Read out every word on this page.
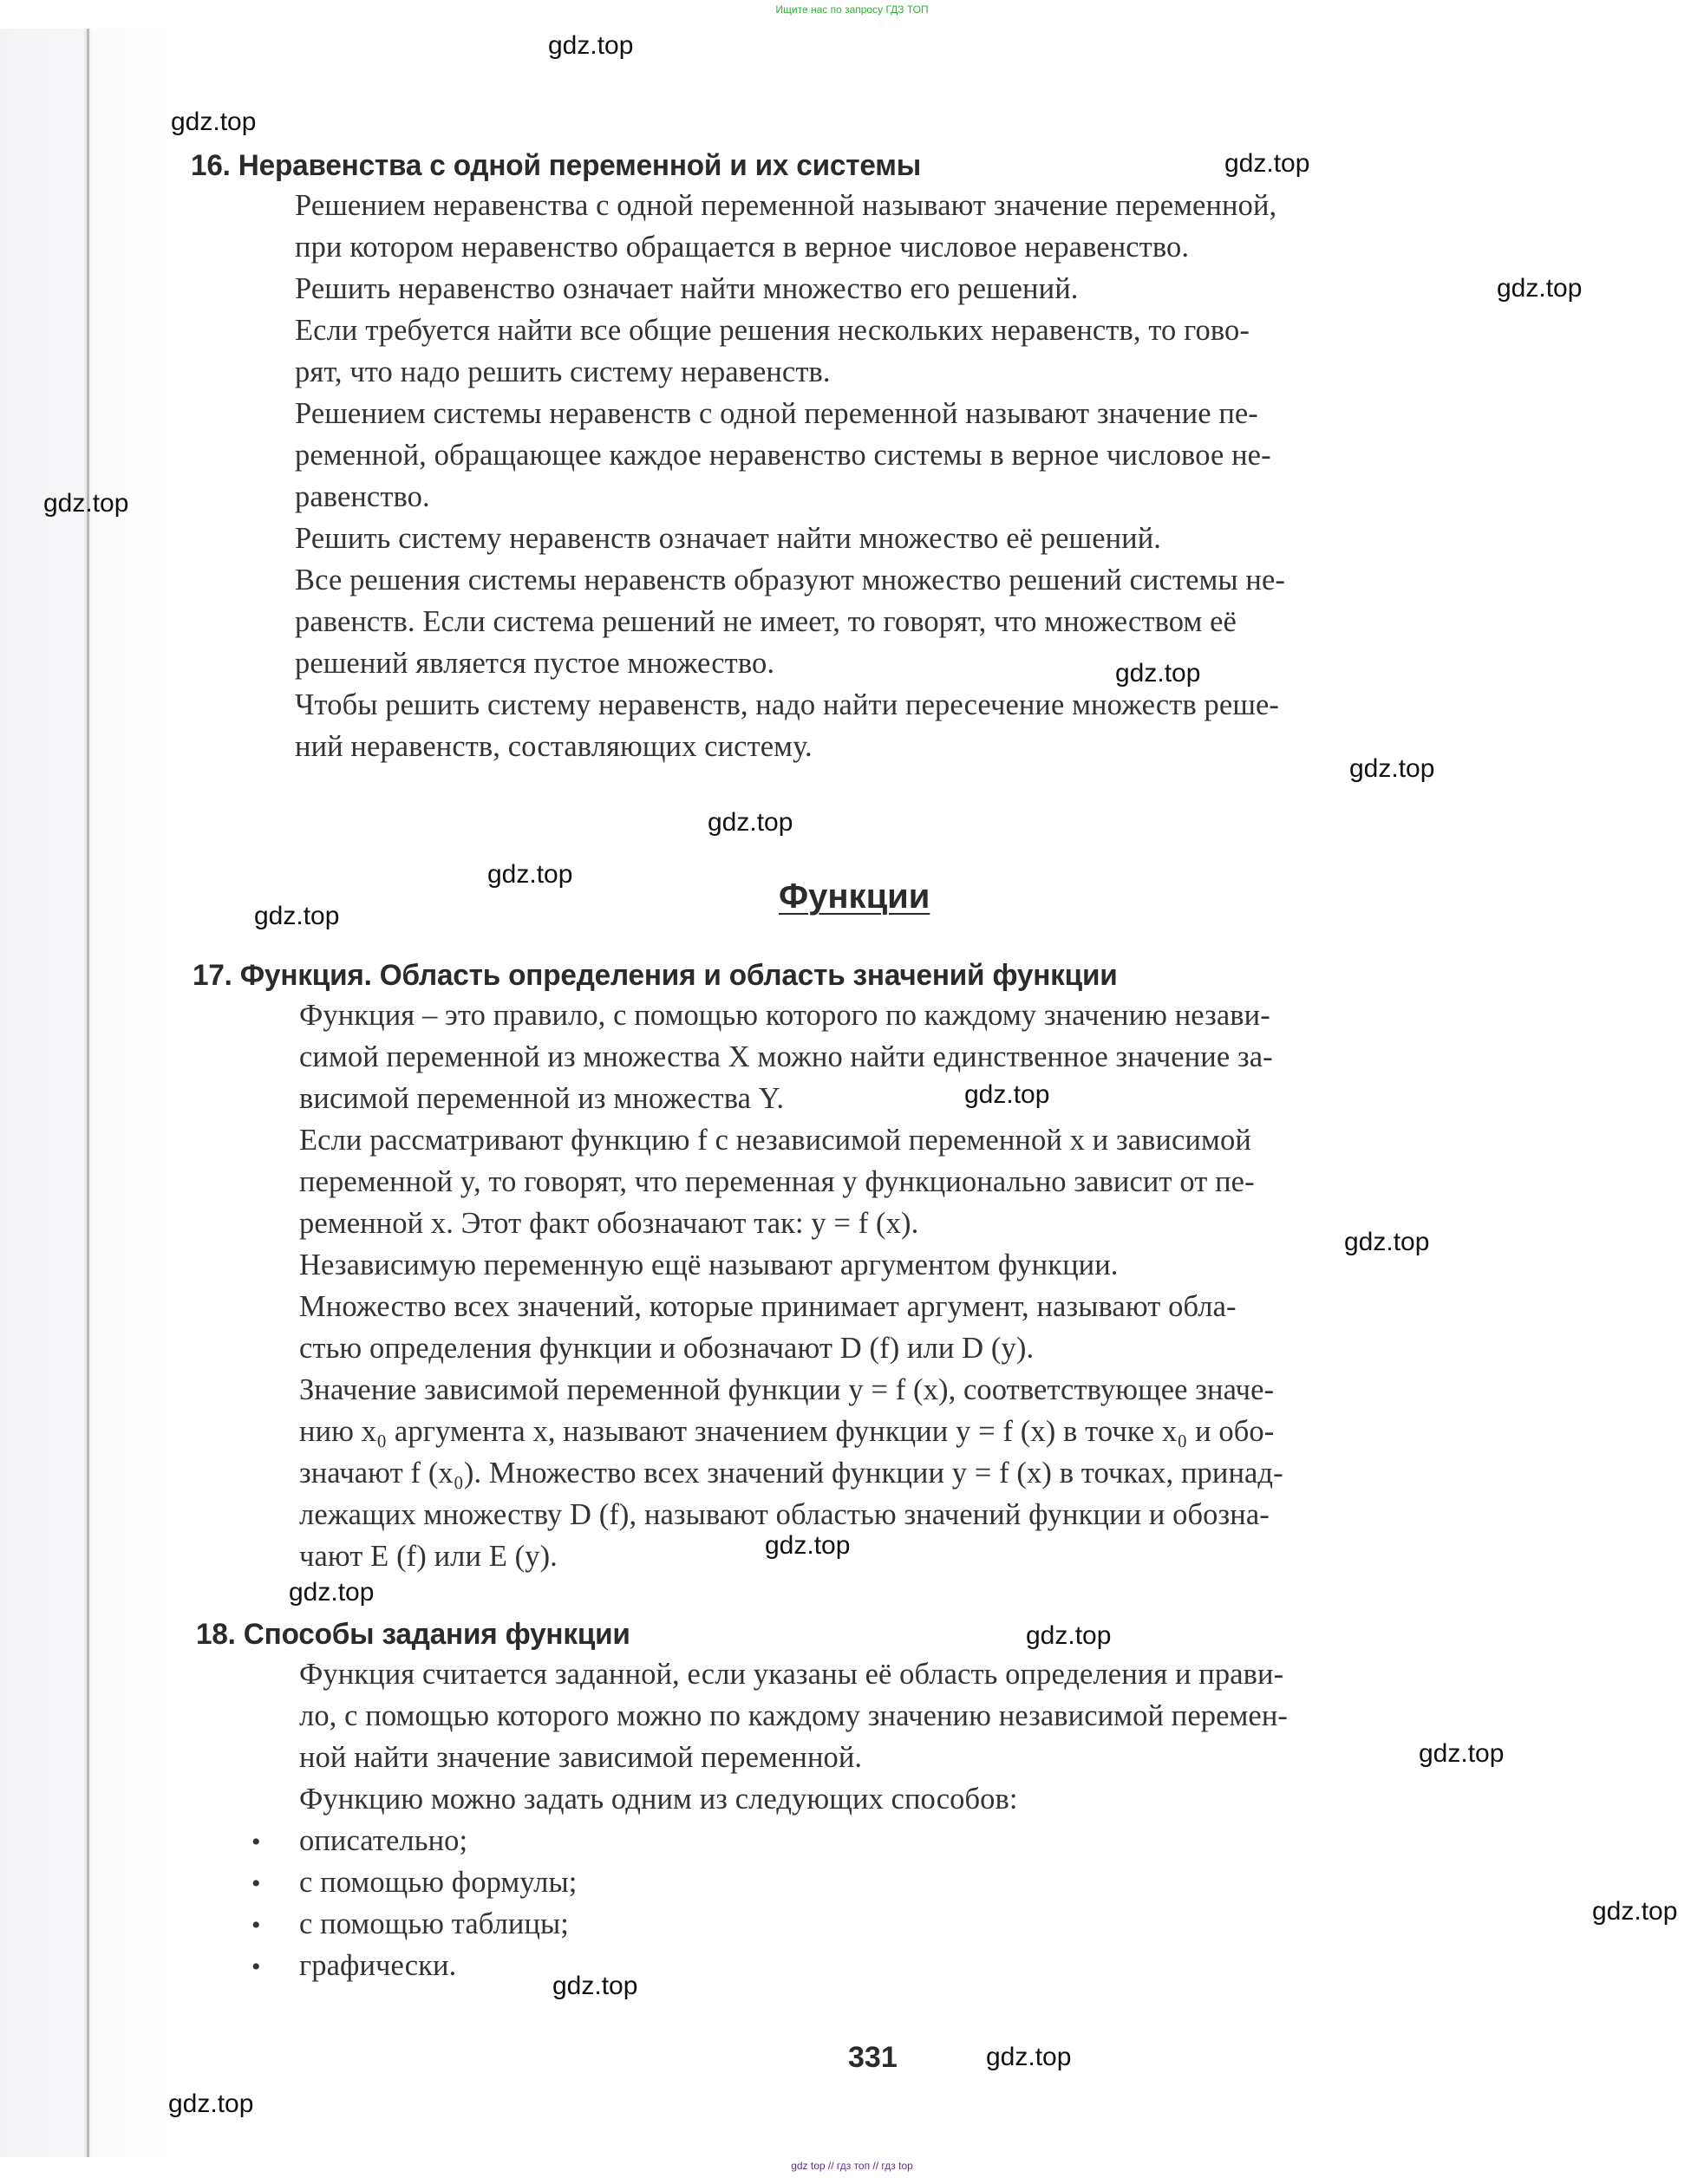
Ищите нас по запросу ГДЗ ТОП
16. Неравенства с одной переменной и их системы
Решением неравенства с одной переменной называют значение переменной,
при котором неравенство обращается в верное числовое неравенство.
Решить неравенство означает найти множество его решений.
Если требуется найти все общие решения нескольких неравенств, то гово-
рят, что надо решить систему неравенств.
Решением системы неравенств с одной переменной называют значение пе-
ременной, обращающее каждое неравенство системы в верное числовое не-
равенство.
Решить систему неравенств означает найти множество её решений.
Все решения системы неравенств образуют множество решений системы не-
равенств. Если система решений не имеет, то говорят, что множеством её
решений является пустое множество.
Чтобы решить систему неравенств, надо найти пересечение множеств реше-
ний неравенств, составляющих систему.
Функции
17. Функция. Область определения и область значений функции
Функция – это правило, с помощью которого по каждому значению незави-
симой переменной из множества X можно найти единственное значение за-
висимой переменной из множества Y.
Если рассматривают функцию f с независимой переменной x и зависимой
переменной y, то говорят, что переменная y функционально зависит от пе-
ременной x. Этот факт обозначают так: y = f (x).
Независимую переменную ещё называют аргументом функции.
Множество всех значений, которые принимает аргумент, называют обла-
стью определения функции и обозначают D (f) или D (y).
Значение зависимой переменной функции y = f (x), соответствующее значе-
нию x₀ аргумента x, называют значением функции y = f (x) в точке x₀ и обо-
значают f (x₀). Множество всех значений функции y = f (x) в точках, принад-
лежащих множеству D (f), называют областью значений функции и обозна-
чают E (f) или E (y).
18. Способы задания функции
Функция считается заданной, если указаны её область определения и прави-
ло, с помощью которого можно по каждому значению независимой перемен-
ной найти значение зависимой переменной.
Функцию можно задать одним из следующих способов:
• описательно;
• с помощью формулы;
• с помощью таблицы;
• графически.
331
gdz.top
gdz.top
gdz.top
gdz.top
gdz.top
gdz.top
gdz.top
gdz.top
gdz.top
gdz.top
gdz.top
gdz.top
gdz.top
gdz.top
gdz.top
gdz.top
gdz.top
gdz.top
gdz.top
gdz.top
gdz top // гдз топ // гдз top
